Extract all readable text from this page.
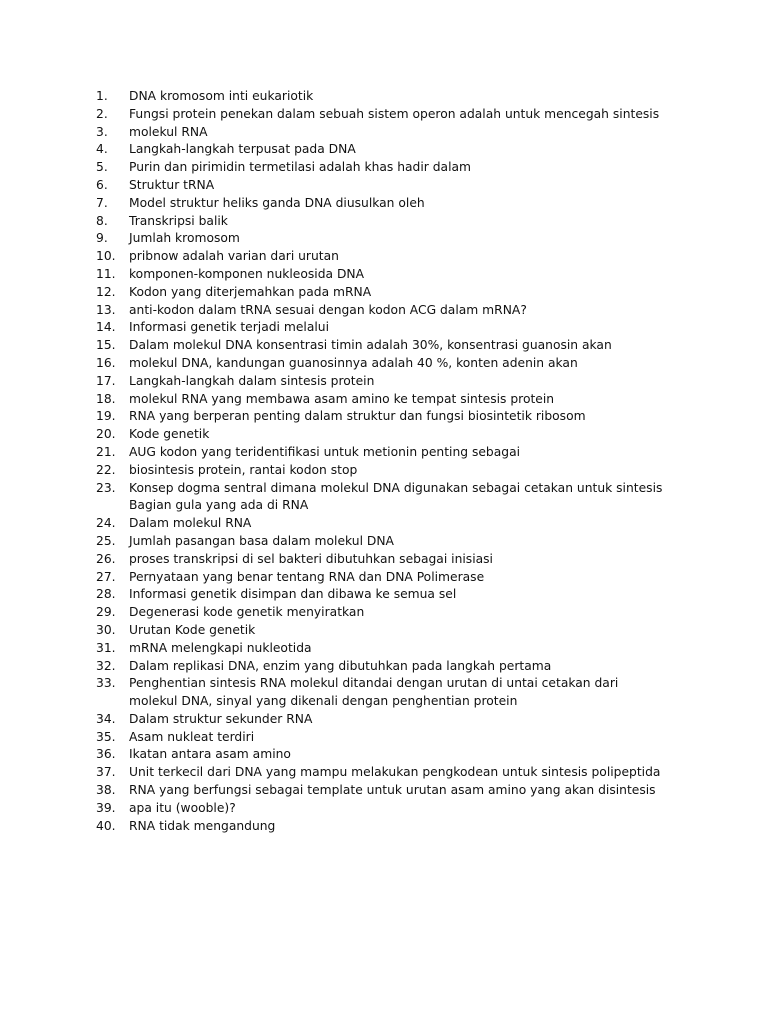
1.	DNA kromosom inti eukariotik
2.	Fungsi protein penekan dalam sebuah sistem operon adalah untuk mencegah sintesis
3.	molekul RNA
4.	Langkah-langkah terpusat pada DNA
5.	Purin dan pirimidin termetilasi adalah khas hadir dalam
6.	Struktur tRNA
7.	Model struktur heliks ganda DNA diusulkan oleh
8.	Transkripsi balik
9.	Jumlah kromosom
10.	pribnow adalah varian dari urutan
11.	komponen-komponen nukleosida DNA
12.	Kodon yang diterjemahkan pada mRNA
13.	anti-kodon dalam tRNA sesuai dengan kodon ACG dalam mRNA?
14.	Informasi genetik terjadi melalui
15.	Dalam molekul DNA konsentrasi timin adalah 30%, konsentrasi guanosin akan
16.	molekul DNA, kandungan guanosinnya adalah 40 %, konten adenin akan
17.	Langkah-langkah dalam sintesis protein
18.	molekul RNA yang membawa asam amino ke tempat sintesis protein
19.	RNA yang berperan penting dalam struktur dan fungsi biosintetik ribosom
20.	Kode genetik
21.	AUG kodon yang teridentifikasi untuk metionin penting sebagai
22.	biosintesis protein, rantai kodon stop
23.	Konsep dogma sentral dimana molekul DNA digunakan sebagai cetakan untuk sintesis
Bagian gula yang ada di RNA
24.	Dalam molekul RNA
25.	Jumlah pasangan basa dalam molekul DNA
26.	proses transkripsi di sel bakteri dibutuhkan sebagai inisiasi
27.	Pernyataan yang benar tentang RNA dan DNA Polimerase
28.	Informasi genetik disimpan dan dibawa ke semua sel
29.	Degenerasi kode genetik menyiratkan
30.	Urutan Kode genetik
31.	mRNA melengkapi nukleotida
32.	Dalam replikasi DNA, enzim yang dibutuhkan pada langkah pertama
33.	Penghentian sintesis RNA molekul ditandai dengan urutan di untai cetakan dari
molekul DNA, sinyal yang dikenali dengan penghentian protein
34.	Dalam struktur sekunder RNA
35.	Asam nukleat terdiri
36.	Ikatan antara asam amino
37.	Unit terkecil dari DNA yang mampu melakukan pengkodean untuk sintesis polipeptida
38.	RNA yang berfungsi sebagai template untuk urutan asam amino yang akan disintesis
39.	apa itu (wooble)?
40.	RNA tidak mengandung
